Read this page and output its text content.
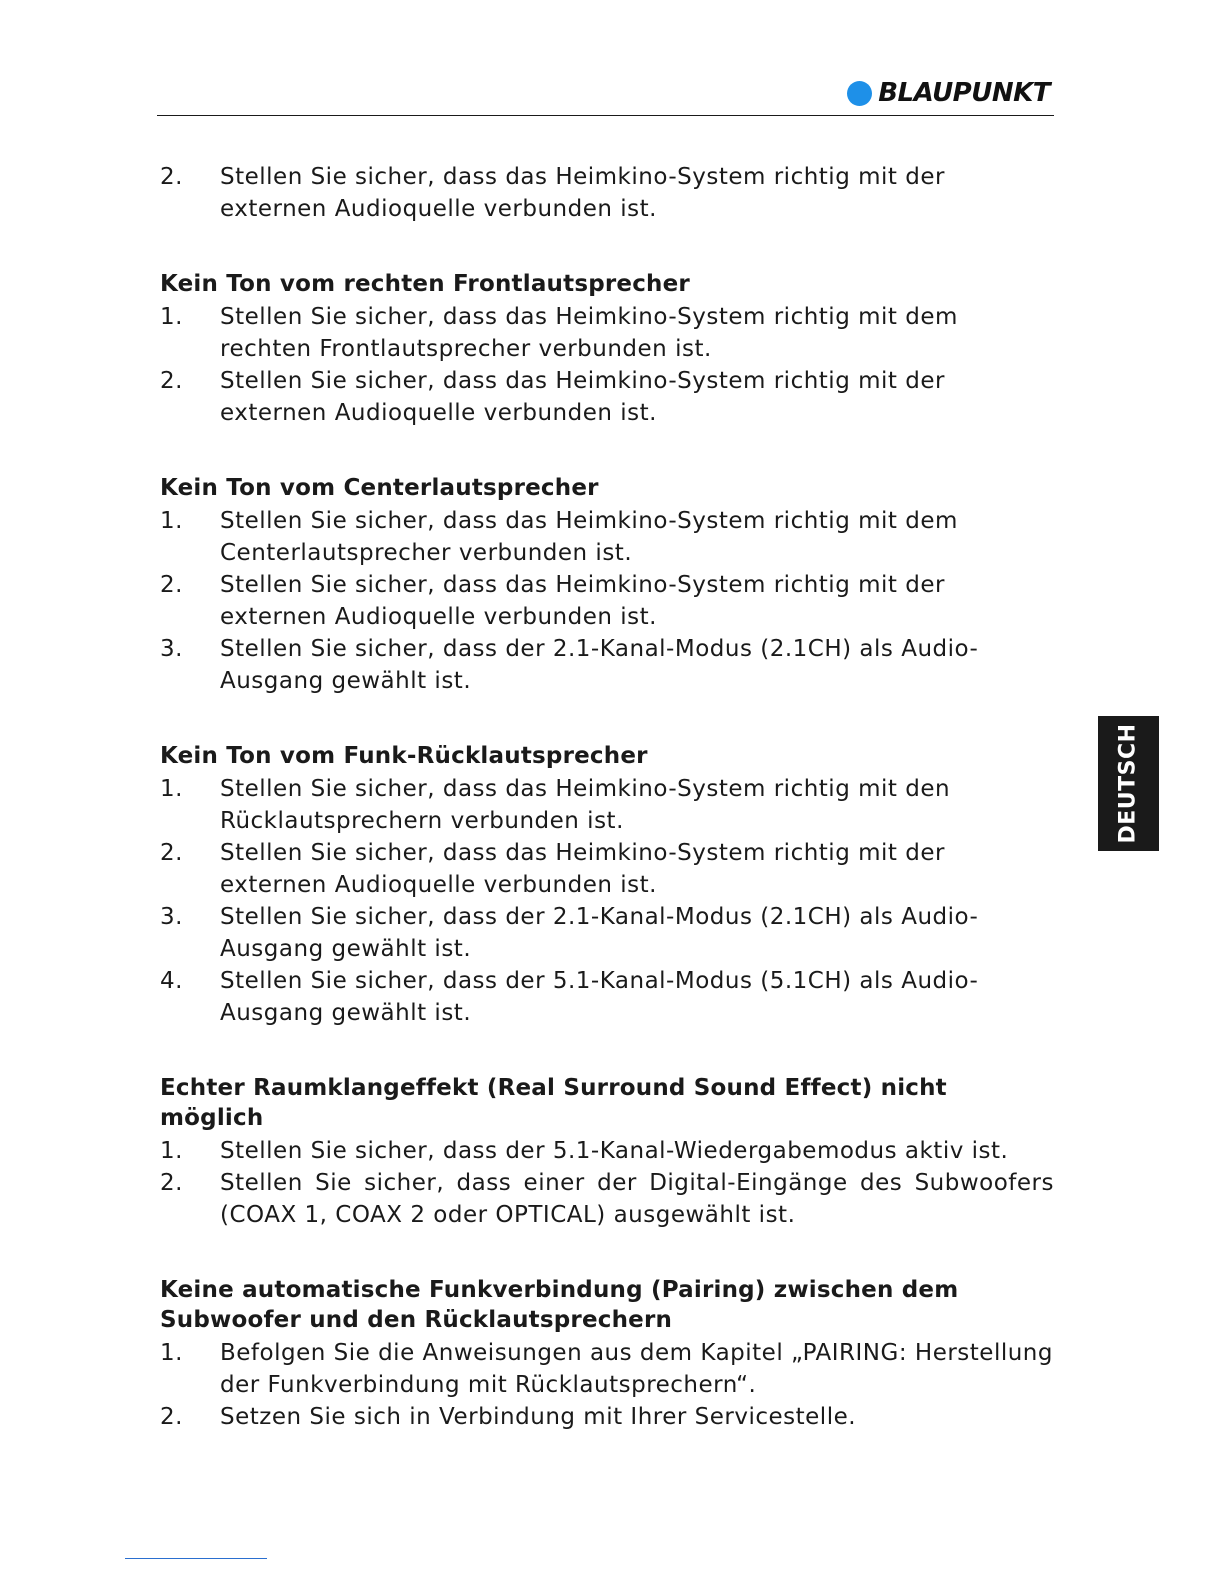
BLAUPUNKT
2.	Stellen Sie sicher, dass das Heimkino-System richtig mit der externen Audioquelle verbunden ist.
Kein Ton vom rechten Frontlautsprecher
1.	Stellen Sie sicher, dass das Heimkino-System richtig mit dem rechten Frontlautsprecher verbunden ist.
2.	Stellen Sie sicher, dass das Heimkino-System richtig mit der externen Audioquelle verbunden ist.
Kein Ton vom Centerlautsprecher
1.	Stellen Sie sicher, dass das Heimkino-System richtig mit dem Centerlautsprecher verbunden ist.
2.	Stellen Sie sicher, dass das Heimkino-System richtig mit der externen Audioquelle verbunden ist.
3.	Stellen Sie sicher, dass der 2.1-Kanal-Modus (2.1CH) als Audio-Ausgang gewählt ist.
Kein Ton vom Funk-Rücklautsprecher
1.	Stellen Sie sicher, dass das Heimkino-System richtig mit den Rücklautsprechern verbunden ist.
2.	Stellen Sie sicher, dass das Heimkino-System richtig mit der externen Audioquelle verbunden ist.
3.	Stellen Sie sicher, dass der 2.1-Kanal-Modus (2.1CH) als Audio-Ausgang gewählt ist.
4.	Stellen Sie sicher, dass der 5.1-Kanal-Modus (5.1CH) als Audio-Ausgang gewählt ist.
Echter Raumklangeffekt (Real Surround Sound Effect) nicht möglich
1.	Stellen Sie sicher, dass der 5.1-Kanal-Wiedergabemodus aktiv ist.
2.	Stellen Sie sicher, dass einer der Digital-Eingänge des Subwoofers (COAX 1, COAX 2 oder OPTICAL) ausgewählt ist.
Keine automatische Funkverbindung (Pairing) zwischen dem Subwoofer und den Rücklautsprechern
1.	Befolgen Sie die Anweisungen aus dem Kapitel „PAIRING: Herstellung der Funkverbindung mit Rücklautsprechern“.
2.	Setzen Sie sich in Verbindung mit Ihrer Servicestelle.
DEUTSCH
